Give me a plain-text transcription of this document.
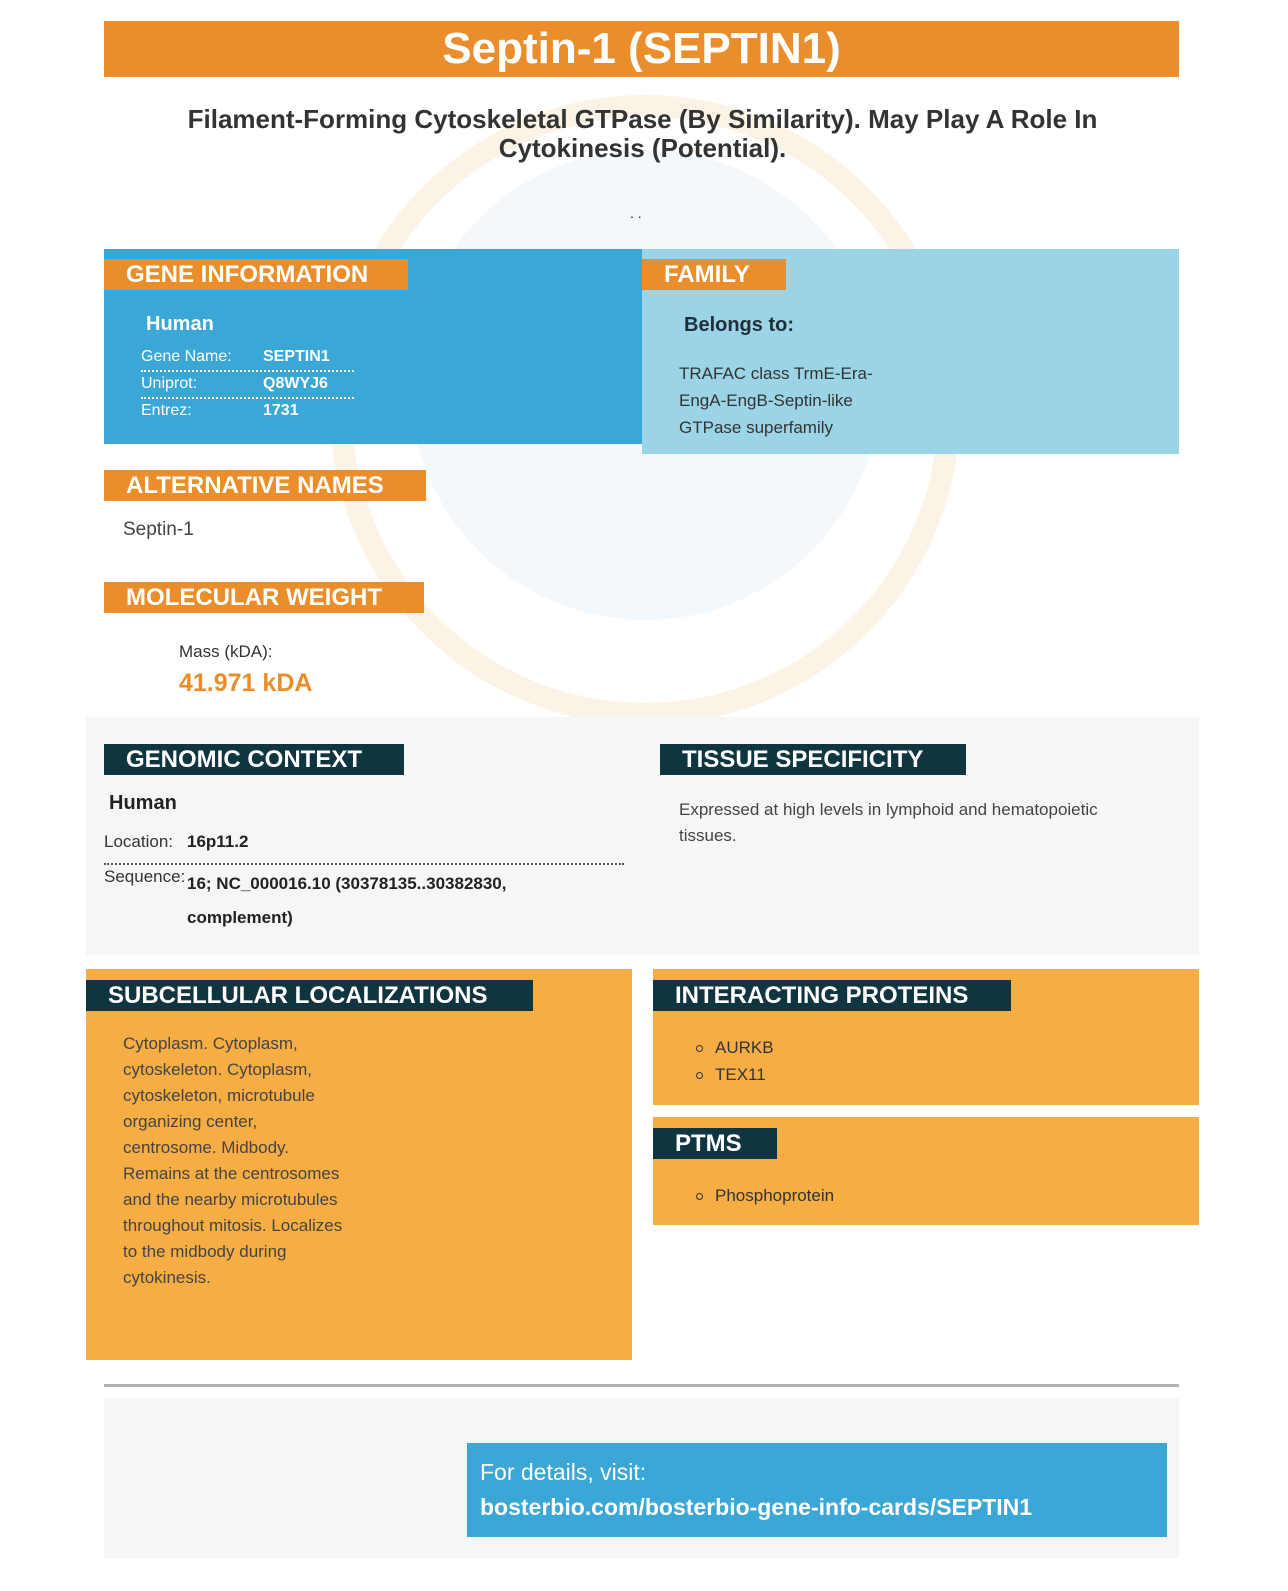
Septin-1 (SEPTIN1)
Filament-Forming Cytoskeletal GTPase (By Similarity). May Play A Role In Cytokinesis (Potential).
. .
GENE INFORMATION
Human
Gene Name: SEPTIN1
Uniprot:	Q8WYJ6
Entrez:	1731
FAMILY
Belongs to:
TRAFAC class TrmE-Era-EngA-EngB-Septin-like GTPase superfamily
ALTERNATIVE NAMES
Septin-1
MOLECULAR WEIGHT
Mass (kDA):
41.971 kDA
GENOMIC CONTEXT
Human
Location: 16p11.2
Sequence: 16; NC_000016.10 (30378135..30382830, complement)
TISSUE SPECIFICITY
Expressed at high levels in lymphoid and hematopoietic tissues.
SUBCELLULAR LOCALIZATIONS
Cytoplasm. Cytoplasm, cytoskeleton. Cytoplasm, cytoskeleton, microtubule organizing center, centrosome. Midbody. Remains at the centrosomes and the nearby microtubules throughout mitosis. Localizes to the midbody during cytokinesis.
INTERACTING PROTEINS
AURKB
TEX11
PTMS
Phosphoprotein
For details, visit:
bosterbio.com/bosterbio-gene-info-cards/SEPTIN1
